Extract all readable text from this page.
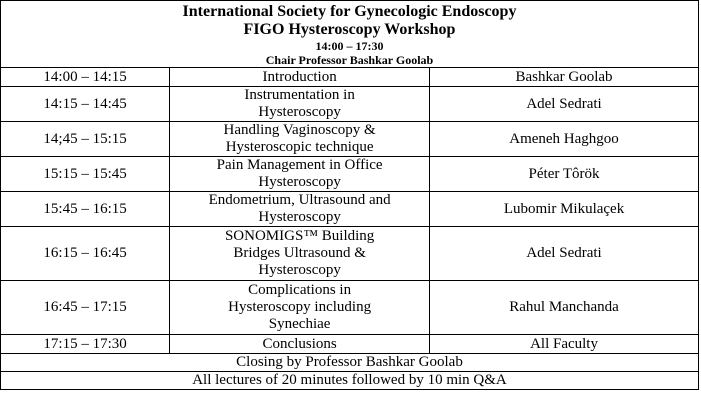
International Society for Gynecologic Endoscopy
FIGO Hysteroscopy Workshop
14:00 – 17:30
Chair Professor Bashkar Goolab		

14:00 – 14:15	Introduction	Bashkar Goolab
14:15 – 14:45	Instrumentation in
Hysteroscopy	Adel Sedrati
14;45 – 15:15	Handling Vaginoscopy &
Hysteroscopic technique	Ameneh Haghgoo
15:15 – 15:45	Pain Management in Office
Hysteroscopy	Péter Tôrök
15:45 – 16:15	Endometrium, Ultrasound and
Hysteroscopy	Lubomir Mikulaçek
16:15 – 16:45	SONOMIGS™ Building
Bridges Ultrasound &
Hysteroscopy	Adel Sedrati
16:45 – 17:15	Complications in
Hysteroscopy including
Synechiae	Rahul Manchanda
17:15 – 17:30	Conclusions	All Faculty
Closing by Professor Bashkar Goolab		
All lectures of 20 minutes followed by 10 min Q&A		
